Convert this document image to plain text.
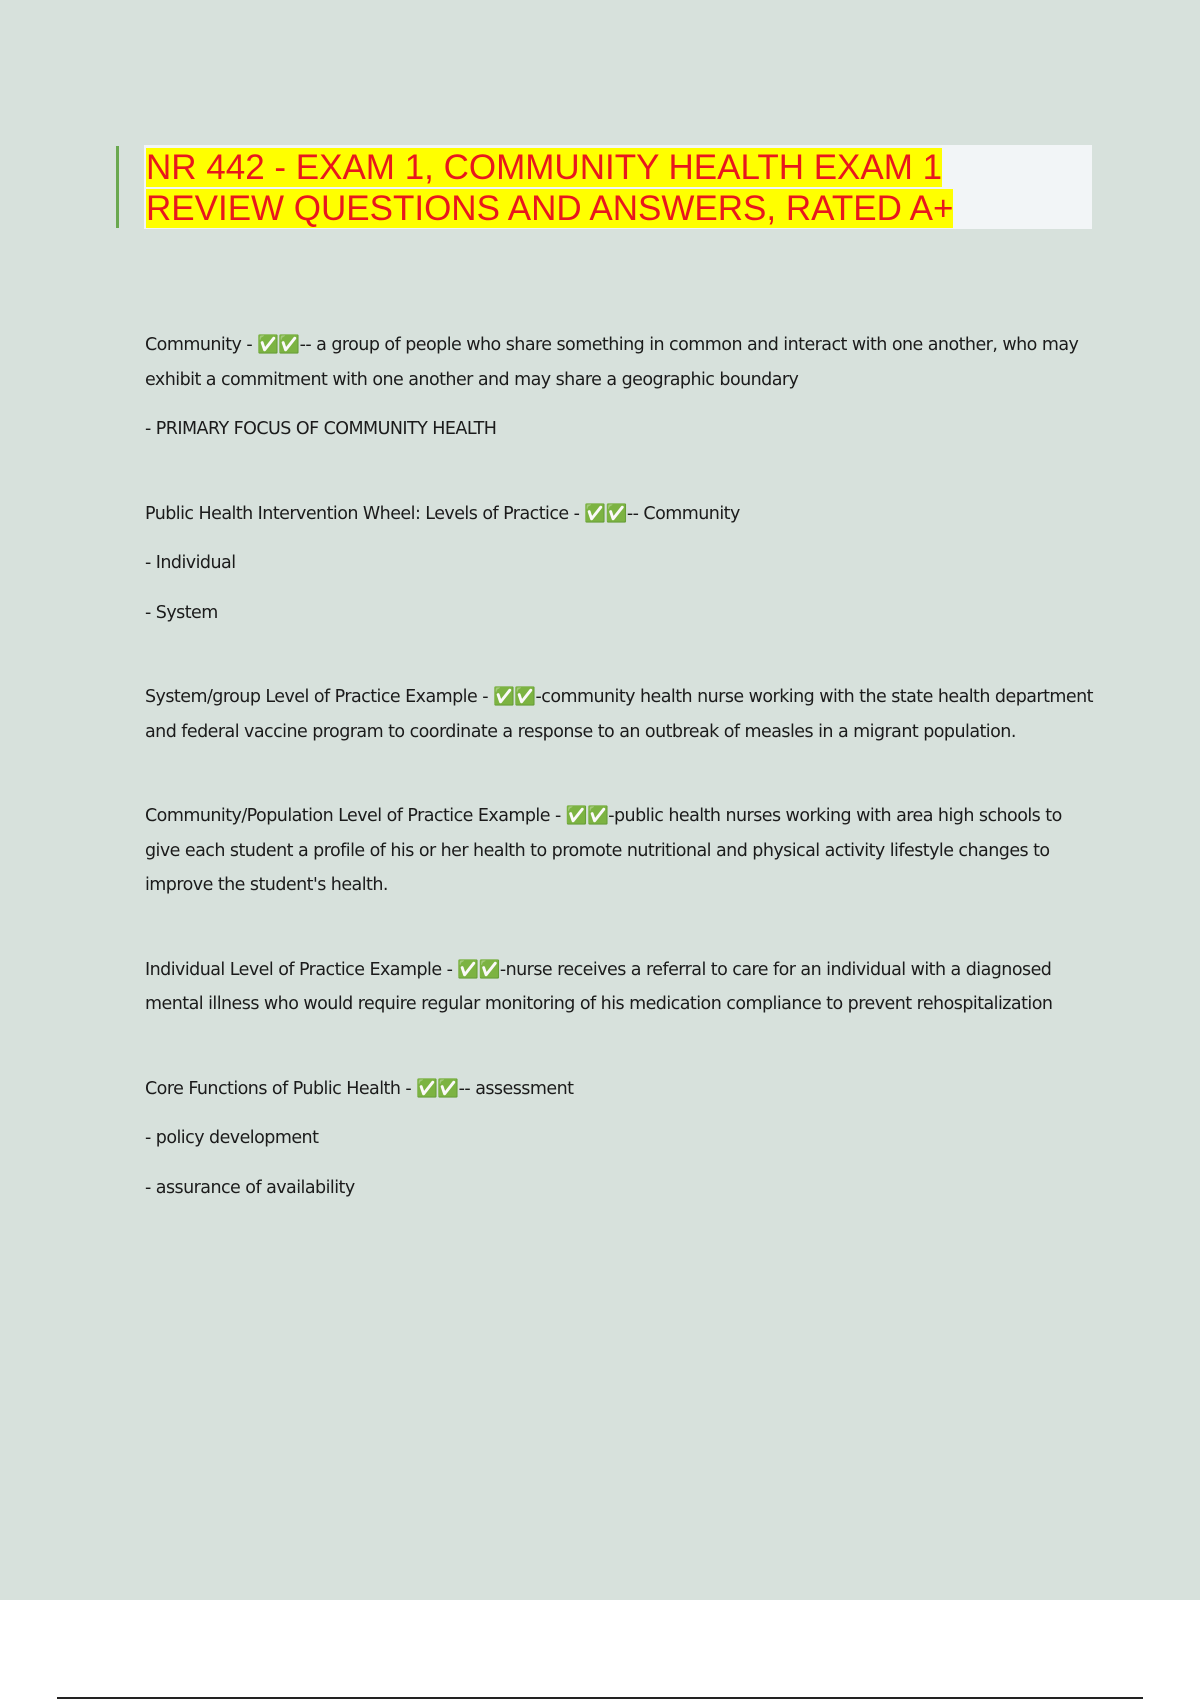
NR 442 - EXAM 1, COMMUNITY HEALTH EXAM 1 REVIEW QUESTIONS AND ANSWERS, RATED A+

Community - ✅✅-- a group of people who share something in common and interact with one another, who may exhibit a commitment with one another and may share a geographic boundary

- PRIMARY FOCUS OF COMMUNITY HEALTH

Public Health Intervention Wheel: Levels of Practice - ✅✅-- Community

- Individual

- System

System/group Level of Practice Example - ✅✅-community health nurse working with the state health department and federal vaccine program to coordinate a response to an outbreak of measles in a migrant population.

Community/Population Level of Practice Example - ✅✅-public health nurses working with area high schools to give each student a profile of his or her health to promote nutritional and physical activity lifestyle changes to improve the student's health.

Individual Level of Practice Example - ✅✅-nurse receives a referral to care for an individual with a diagnosed mental illness who would require regular monitoring of his medication compliance to prevent rehospitalization

Core Functions of Public Health - ✅✅-- assessment

- policy development

- assurance of availability
